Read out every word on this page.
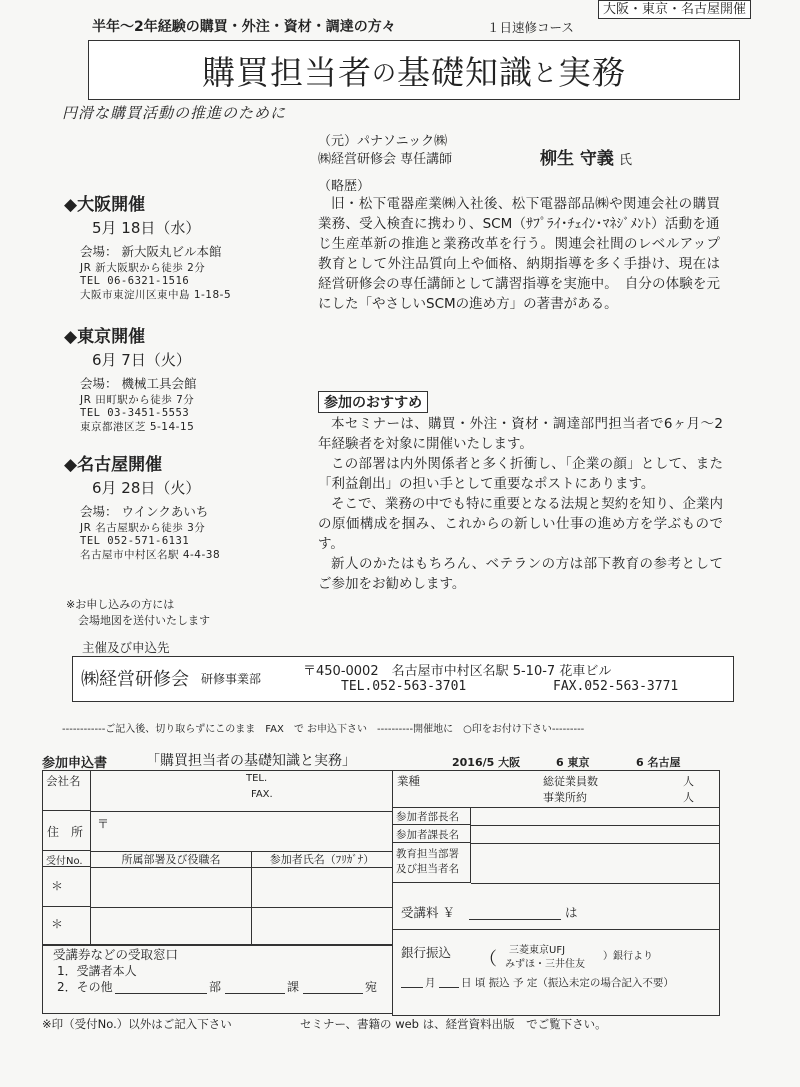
半年～2年経験の購買・外注・資材・調達の方々	１日速修コース
大阪・東京・名古屋開催
購買担当者 の 基礎知識 と 実務
円滑な購買活動の推進のために
◆大阪開催
5月 18日（水）
会場： 新大阪丸ビル本館
JR 新大阪駅から徒歩 2分
TEL 06-6321-1516
大阪市東淀川区東中島 1-18-5
◆東京開催
6月 7日（火）
会場： 機械工具会館
JR 田町駅から徒歩 7分
TEL 03-3451-5553
東京都港区芝 5-14-15
◆名古屋開催
6月 28日（火）
会場： ウインクあいち
JR 名古屋駅から徒歩 3分
TEL 052-571-6131
名古屋市中村区名駅 4-4-38
※お申し込みの方には
会場地図を送付いたします
（元）パナソニック㈱
㈱経営研修会 専任講師	柳生 守義 氏
（略歴）
旧・松下電器産業㈱入社後、松下電器部品㈱や関連会社の購買業務、受入検査に携わり、SCM（ｻﾌﾟﾗｲ･ﾁｪｲﾝ･ﾏﾈｼﾞﾒﾝﾄ）活動を通じ生産革新の推進と業務改革を行う。関連会社間のレベルアップ教育として外注品質向上や価格、納期指導を多く手掛け、現在は経営研修会の専任講師として講習指導を実施中。　自分の体験を元にした「やさしいSCMの進め方」の著書がある。
参加のおすすめ
本セミナーは、購買・外注・資材・調達部門担当者で6ヶ月～2年経験者を対象に開催いたします。
この部署は内外関係者と多く折衝し、「企業の顔」として、また「利益創出」の担い手として重要なポストにあります。
そこで、業務の中でも特に重要となる法規と契約を知り、企業内の原価構成を掴み、これからの新しい仕事の進め方を学ぶものです。
新人のかたはもちろん、ベテランの方は部下教育の参考としてご参加をお勧めします。
主催及び申込先
㈱経営研修会 研修事業部	〒450-0002　名古屋市中村区名駅 5-10-7 花車ビル
TEL.052-563-3701	FAX.052-563-3771
------------ご記入後、切り取らずにこのまま　FAX　で お申込下さい　----------開催地に　○印をお付け下さい---------
参加申込書	「購買担当者の基礎知識と実務」	2016/5 大阪	6 東京	6 名古屋
会社名	TEL.
FAX.
住　所
〒
受付No.	所属部署及び役職名	参加者氏名（ﾌﾘｶﾞﾅ）
＊
＊
業種	総従業員数	人
事業所約	人
参加者部長名
参加者課長名
教育担当部署
及び担当者名
受講料 ￥	は
銀行振込 （ 三菱東京UFJ
みずほ・三井住友
）銀行より
月 日 頃 振込 予 定（振込未定の場合記入不要）
受講券などの受取窓口
1．受講者本人
2．その他	部	課	宛
※印（受付No.）以外はご記入下さい	セミナー、書籍の web は、経営資料出版　でご覧下さい。
